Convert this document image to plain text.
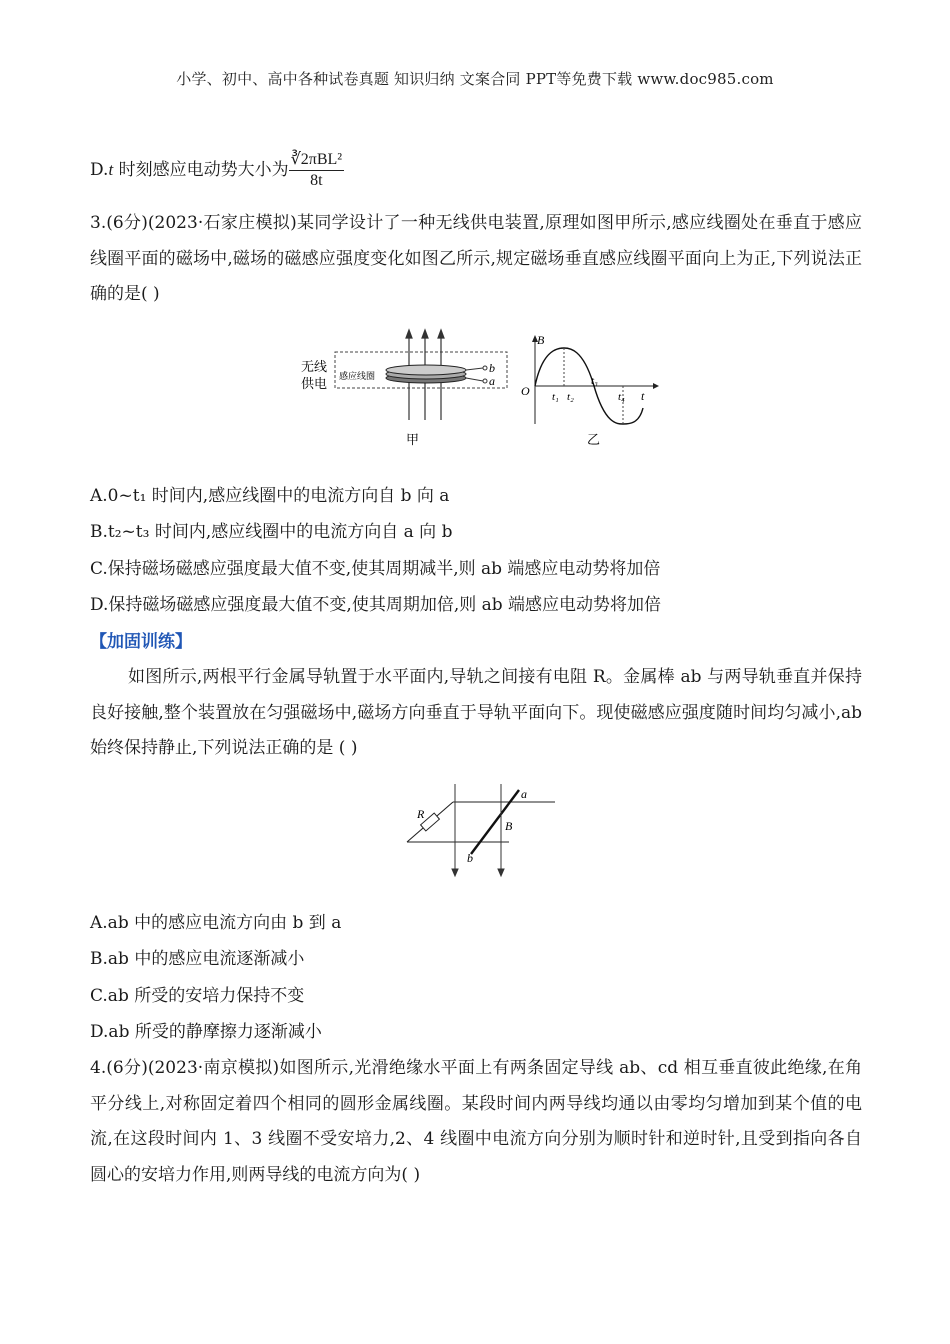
小学、初中、高中各种试卷真题 知识归纳 文案合同 PPT等免费下载 www.doc985.com
D.t 时刻感应电动势大小为 $\frac{\text{∛2πBL²}}{8t}$
3.(6分)(2023·石家庄模拟)某同学设计了一种无线供电装置,原理如图甲所示,感应线圈处在垂直于感应线圈平面的磁场中,磁场的磁感应强度变化如图乙所示,规定磁场垂直感应线圈平面向上为正,下列说法正确的是( )
b
a
感应线圈
无线
供电
甲
B
O	t
t₁ t₂
t₃
t₄
乙
A.0~t₁ 时间内,感应线圈中的电流方向自 b 向 a
B.t₂~t₃ 时间内,感应线圈中的电流方向自 a 向 b
C.保持磁场磁感应强度最大值不变,使其周期减半,则 ab 端感应电动势将加倍
D.保持磁场磁感应强度最大值不变,使其周期加倍,则 ab 端感应电动势将加倍
【加固训练】
如图所示,两根平行金属导轨置于水平面内,导轨之间接有电阻 R。金属棒 ab 与两导轨垂直并保持良好接触,整个装置放在匀强磁场中,磁场方向垂直于导轨平面向下。现使磁感应强度随时间均匀减小,ab 始终保持静止,下列说法正确的是 ( )
R
a
b
B
A.ab 中的感应电流方向由 b 到 a
B.ab 中的感应电流逐渐减小
C.ab 所受的安培力保持不变
D.ab 所受的静摩擦力逐渐减小
4.(6分)(2023·南京模拟)如图所示,光滑绝缘水平面上有两条固定导线 ab、cd 相互垂直彼此绝缘,在角平分线上,对称固定着四个相同的圆形金属线圈。某段时间内两导线均通以由零均匀增加到某个值的电流,在这段时间内 1、3 线圈不受安培力,2、4 线圈中电流方向分别为顺时针和逆时针,且受到指向各自圆心的安培力作用,则两导线的电流方向为( )
